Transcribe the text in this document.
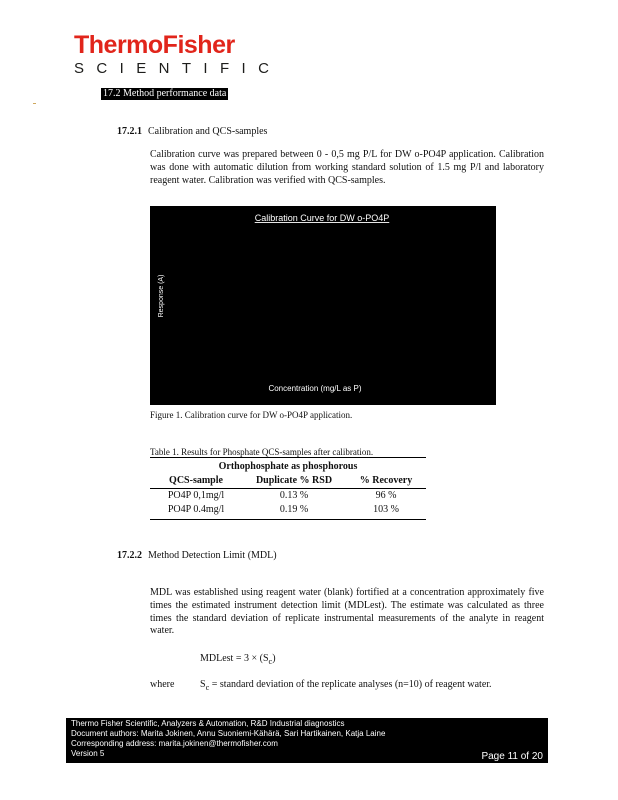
ThermoFisher
SCIENTIFIC
17.2 Method performance data
17.2.1 Calibration and QCS-samples
Calibration curve was prepared between 0 - 0,5 mg P/L for DW o-PO4P application. Calibration was done with automatic dilution from working standard solution of 1.5 mg P/l and laboratory reagent water. Calibration was verified with QCS-samples.
Calibration Curve for DW o-PO4P
Response (A)
Concentration (mg/L as P)
Figure 1. Calibration curve for DW o-PO4P application.
Table 1. Results for Phosphate QCS-samples after calibration.
Orthophosphate as phosphorous		
QCS-sample	Duplicate % RSD	% Recovery
PO4P 0,1mg/l	0.13 %	96 %
PO4P 0.4mg/l	0.19 %	103 %
17.2.2 Method Detection Limit (MDL)
MDL was established using reagent water (blank) fortified at a concentration approximately five times the estimated instrument detection limit (MDLest). The estimate was calculated as three times the standard deviation of replicate instrumental measurements of the analyte in reagent water.
MDLest = $3 \times (S_c)$
where	$S_c$ = standard deviation of the replicate analyses (n=10) of reagent water.
Thermo Fisher Scientific, Analyzers & Automation, R&D Industrial diagnostics
Document authors: Marita Jokinen, Annu Suoniemi-Kähärä, Sari Hartikainen, Katja Laine
Corresponding address: marita.jokinen@thermofisher.com
Version 5	Page 11 of 20
